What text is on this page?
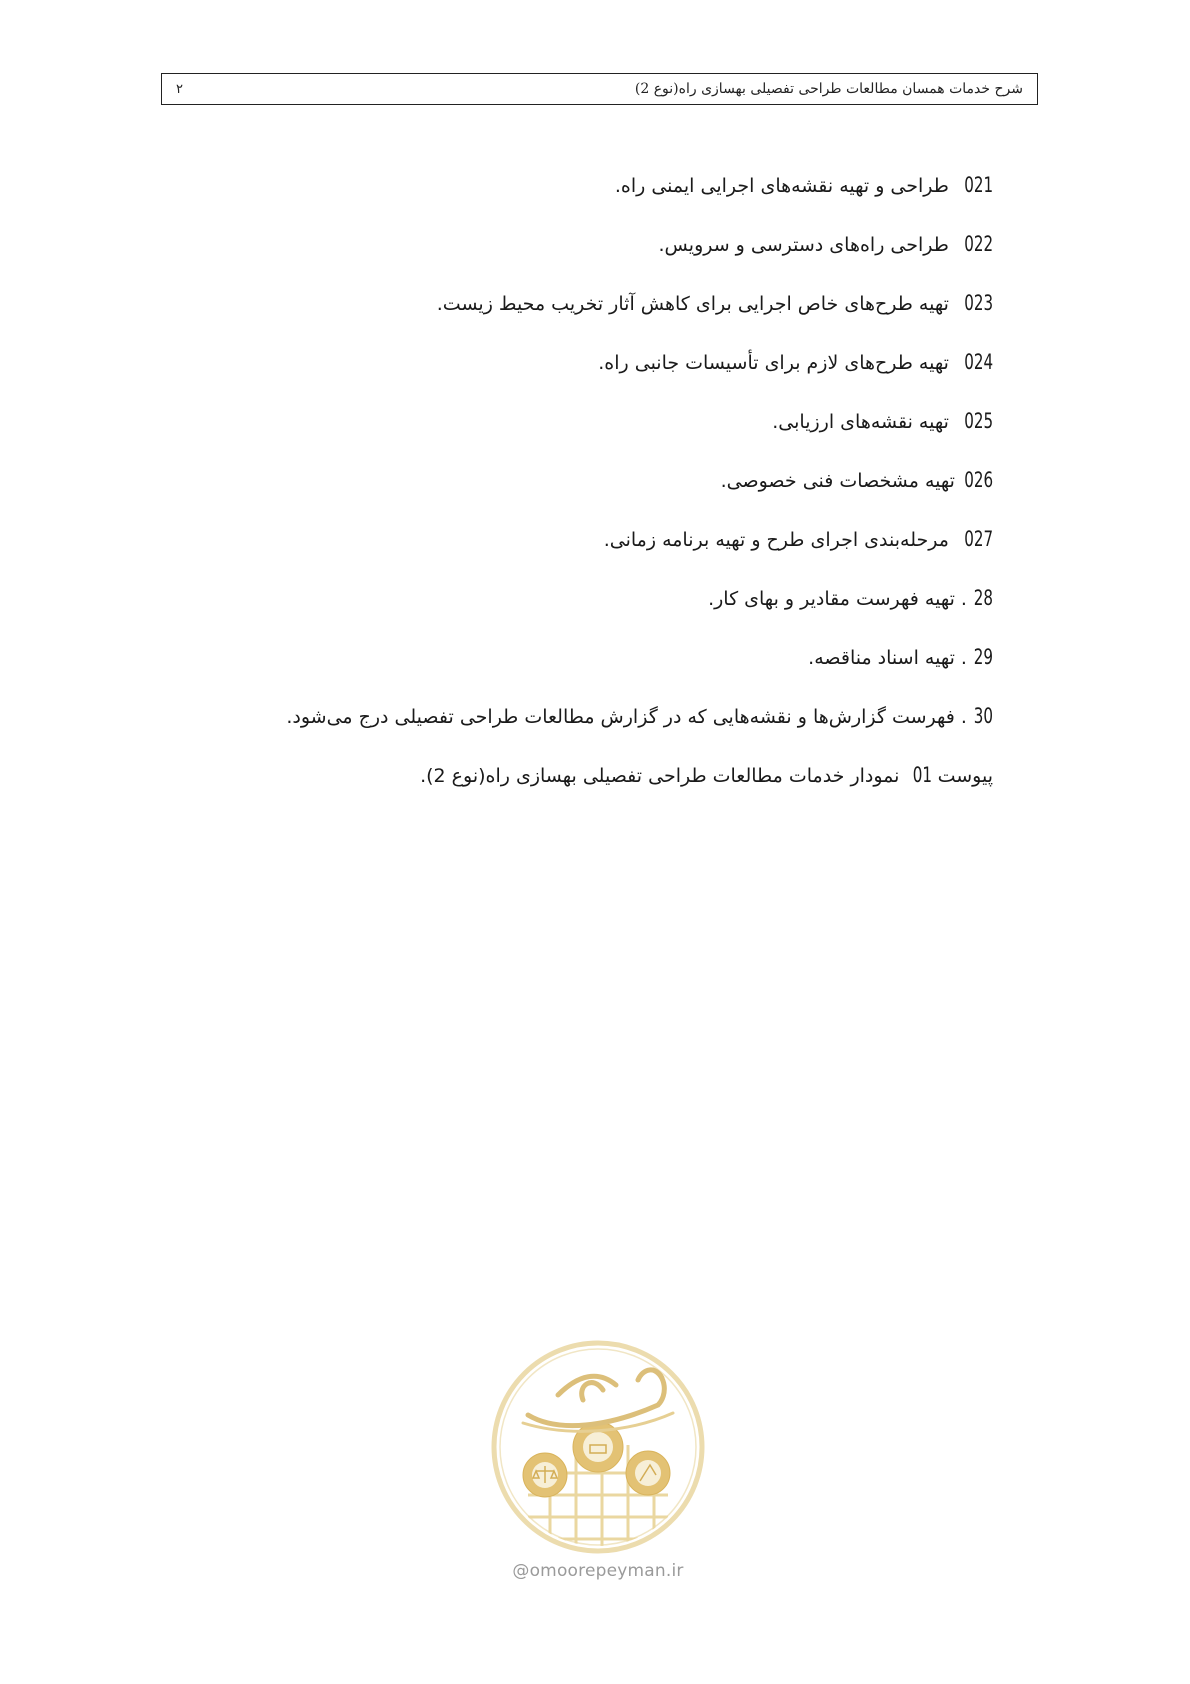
شرح خدمات همسان مطالعات طراحی تفصیلی بهسازی راه(نوع 2)
۲
021 طراحی و تهیه نقشه‌های اجرایی ایمنی راه.
022 طراحی راه‌های دسترسی و سرویس.
023 تهیه طرح‌های خاص اجرایی برای کاهش آثار تخریب محیط زیست.
024 تهیه طرح‌های لازم برای تأسیسات جانبی راه.
025 تهیه نقشه‌های ارزیابی.
026تهیه مشخصات فنی خصوصی.
027 مرحله‌بندی اجرای طرح و تهیه برنامه زمانی.
28. تهیه فهرست مقادیر و بهای کار.
29. تهیه اسناد مناقصه.
30. فهرست گزارش‌ها و نقشه‌هایی که در گزارش مطالعات طراحی تفصیلی درج می‌شود.
پیوست 01 نمودار خدمات مطالعات طراحی تفصیلی بهسازی راه(نوع 2).
@omoorepeyman.ir
